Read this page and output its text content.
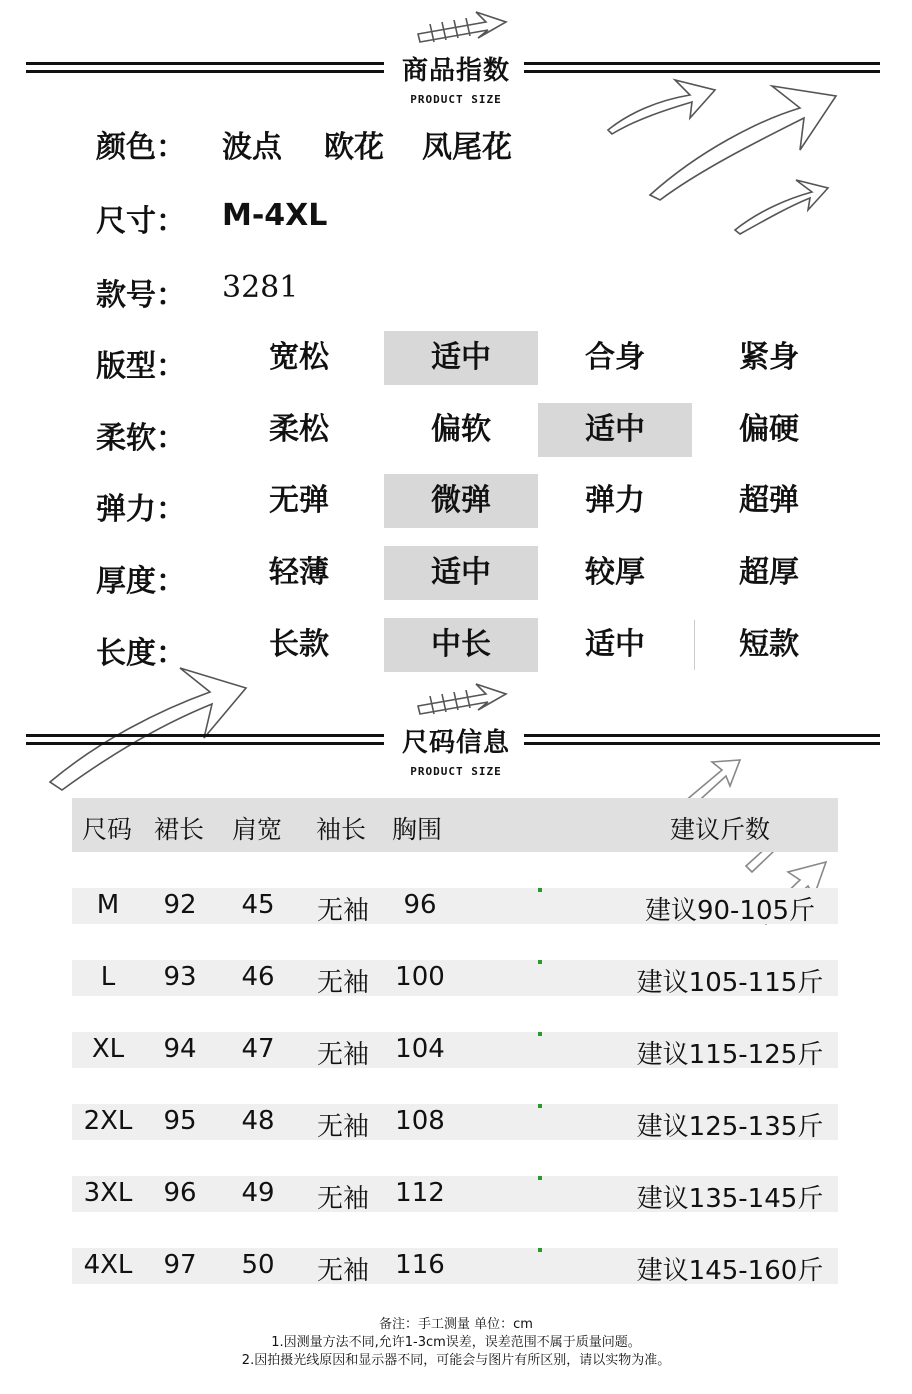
商品指数
PRODUCT SIZE
颜色： 波点 欧花 凤尾花
尺寸： M-4XL
款号： 3281
版型：	宽松	适中	合身	紧身
柔软：	柔松	偏软	适中	偏硬
弹力：	无弹	微弹	弹力	超弹
厚度：	轻薄	适中	较厚	超厚
长度：	长款	中长	适中	短款
尺码信息
PRODUCT SIZE
尺码 裙长 肩宽 袖长 胸围	建议斤数
M	92	45	无袖	96	建议90-105斤
L	93	46	无袖	100	建议105-115斤
XL	94	47	无袖	104	建议115-125斤
2XL	95	48	无袖	108	建议125-135斤
3XL	96	49	无袖	112	建议135-145斤
4XL	97	50	无袖	116	建议145-160斤
备注：手工测量 单位：cm
1.因测量方法不同,允许1-3cm误差，误差范围不属于质量问题。
2.因拍摄光线原因和显示器不同，可能会与图片有所区别，请以实物为准。
